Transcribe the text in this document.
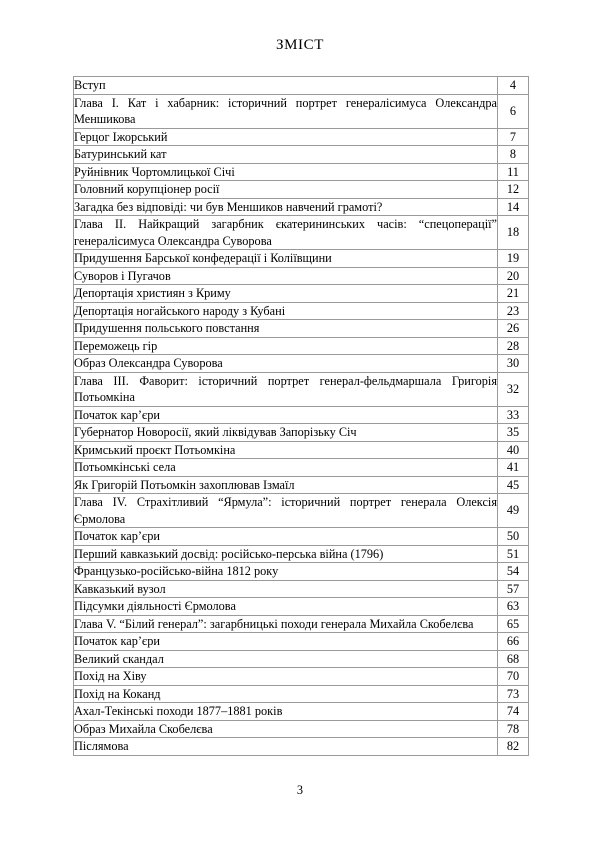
ЗМІСТ
Вступ	4
Глава I. Кат і хабарник: історичний портрет генералісимуса Олександра Меншикова	6
Герцог Іжорський	7
Батуринський кат	8
Руйнівник Чортомлицької Січі	11
Головний корупціонер росії	12
Загадка без відповіді: чи був Меншиков навчений грамоті?	14
Глава II. Найкращий загарбник єкатерининських часів: “спецоперації” генералісимуса Олександра Суворова	18
Придушення Барської конфедерації і Коліївщини	19
Суворов і Пугачов	20
Депортація християн з Криму	21
Депортація ногайського народу з Кубані	23
Придушення польського повстання	26
Переможець гір	28
Образ Олександра Суворова	30
Глава III. Фаворит: історичний портрет генерал-фельдмаршала Григорія Потьомкіна	32
Початок кар’єри	33
Губернатор Новоросії, який ліквідував Запорізьку Січ	35
Кримський проєкт Потьомкіна	40
Потьомкінські села	41
Як Григорій Потьомкін захоплював Ізмаїл	45
Глава IV. Страхітливий “Ярмула”: історичний портрет генерала Олексія Єрмолова	49
Початок кар’єри	50
Перший кавказький досвід: російсько-перська війна (1796)	51
Французько-російсько-війна 1812 року	54
Кавказький вузол	57
Підсумки діяльності Єрмолова	63
Глава V. “Білий генерал”: загарбницькі походи генерала Михайла Скобелєва	65
Початок кар’єри	66
Великий скандал	68
Похід на Хіву	70
Похід на Коканд	73
Ахал-Текінські походи 1877–1881 років	74
Образ Михайла Скобелєва	78
Післямова	82
3
